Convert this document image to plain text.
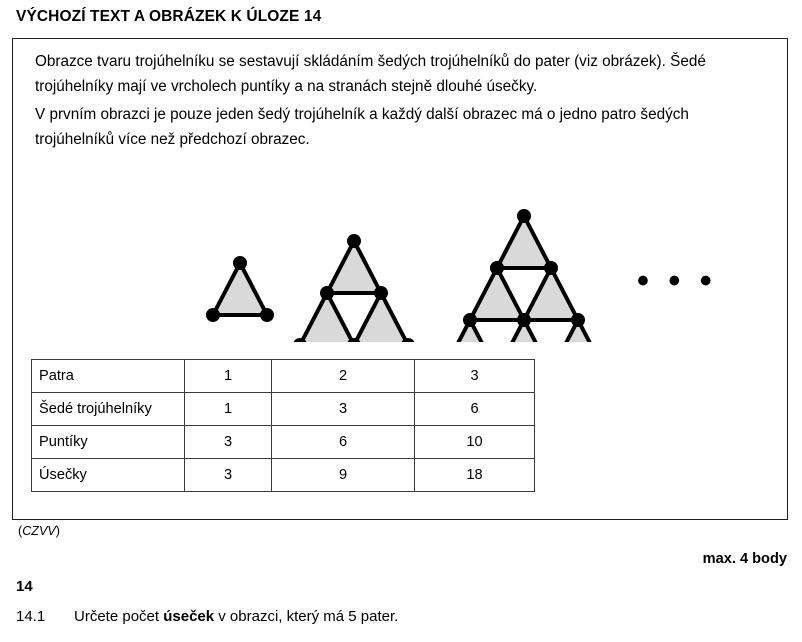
VÝCHOZÍ TEXT A OBRÁZEK K ÚLOZE 14
Obrazce tvaru trojúhelníku se sestavují skládáním šedých trojúhelníků do pater (viz obrázek). Šedé trojúhelníky mají ve vrcholech puntíky a na stranách stejně dlouhé úsečky.
V prvním obrazci je pouze jeden šedý trojúhelník a každý další obrazec má o jedno patro šedých trojúhelníků více než předchozí obrazec.
• • •
Patra	1	2	3
Šedé trojúhelníky	1	3	6
Puntíky	3	6	10
Úsečky	3	9	18
(CZVV)
max. 4 body
14
14.1 Určete počet úseček v obrazci, který má 5 pater.
